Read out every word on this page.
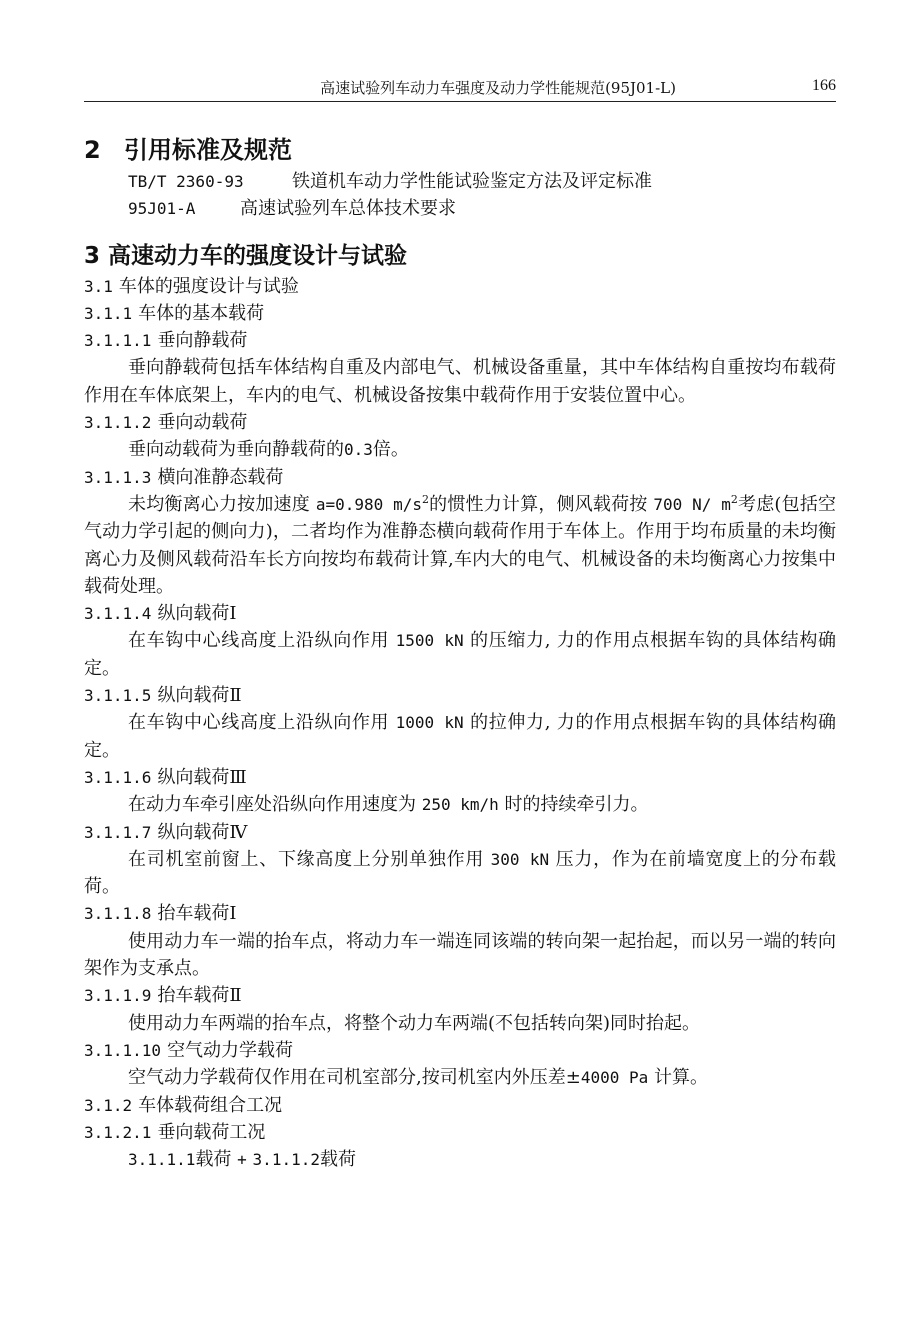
高速试验列车动力车强度及动力学性能规范(95J01-L)	166
2 引用标准及规范

TB/T 2360-93	铁道机车动力学性能试验鉴定方法及评定标准

95J01-A 高速试验列车总体技术要求

3 高速动力车的强度设计与试验

3.1 车体的强度设计与试验

3.1.1 车体的基本载荷

3.1.1.1 垂向静载荷

垂向静载荷包括车体结构自重及内部电气、机械设备重量，其中车体结构自重按均布载荷作用在车体底架上，车内的电气、机械设备按集中载荷作用于安装位置中心。

3.1.1.2 垂向动载荷

垂向动载荷为垂向静载荷的0.3倍。

3.1.1.3 横向准静态载荷

未均衡离心力按加速度 a=0.980 $m/s^2$的惯性力计算，侧风载荷按 700 N/ $m^2$考虑(包括空气动力学引起的侧向力)，二者均作为准静态横向载荷作用于车体上。作用于均布质量的未均衡离心力及侧风载荷沿车长方向按均布载荷计算,车内大的电气、机械设备的未均衡离心力按集中载荷处理。

3.1.1.4 纵向载荷Ⅰ

在车钩中心线高度上沿纵向作用 1500 kN 的压缩力, 力的作用点根据车钩的具体结构确定。

3.1.1.5 纵向载荷Ⅱ

在车钩中心线高度上沿纵向作用 1000 kN 的拉伸力, 力的作用点根据车钩的具体结构确定。

3.1.1.6 纵向载荷Ⅲ

在动力车牵引座处沿纵向作用速度为 250 km/h 时的持续牵引力。

3.1.1.7 纵向载荷Ⅳ

在司机室前窗上、下缘高度上分别单独作用 300 kN 压力，作为在前墙宽度上的分布载荷。

3.1.1.8 抬车载荷Ⅰ

使用动力车一端的抬车点，将动力车一端连同该端的转向架一起抬起，而以另一端的转向架作为支承点。

3.1.1.9 抬车载荷Ⅱ

使用动力车两端的抬车点，将整个动力车两端(不包括转向架)同时抬起。

3.1.1.10 空气动力学载荷

空气动力学载荷仅作用在司机室部分,按司机室内外压差±4000 Pa 计算。

3.1.2 车体载荷组合工况

3.1.2.1 垂向载荷工况

3.1.1.1载荷 + 3.1.1.2载荷
